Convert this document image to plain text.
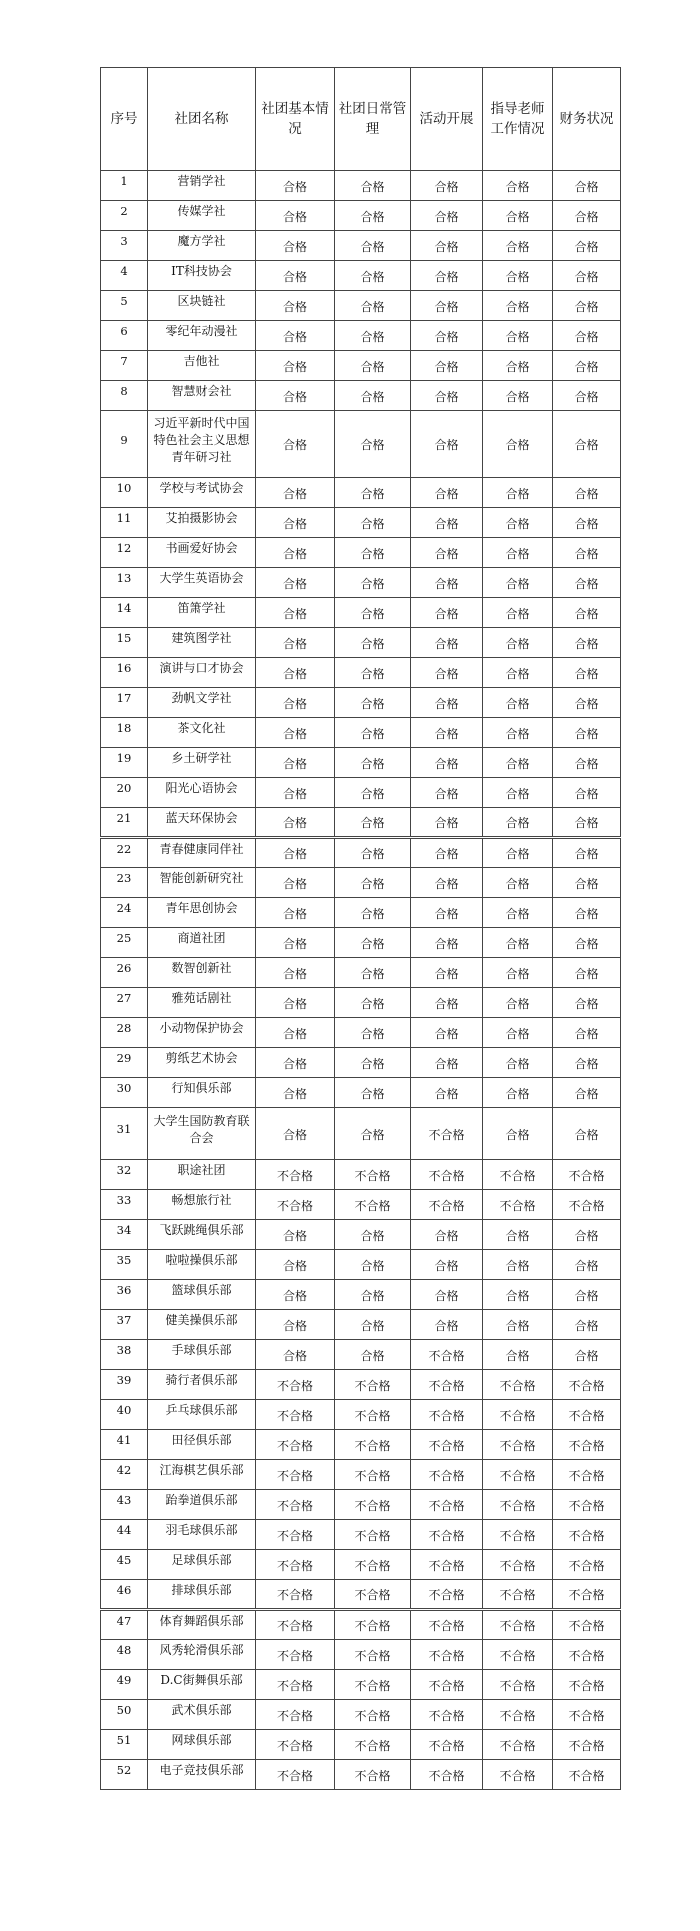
序号	社团名称	社团基本情况	社团日常管理	活动开展	指导老师工作情况	财务状况
1	营销学社	合格	合格	合格	合格	合格
2	传媒学社	合格	合格	合格	合格	合格
3	魔方学社	合格	合格	合格	合格	合格
4	IT科技协会	合格	合格	合格	合格	合格
5	区块链社	合格	合格	合格	合格	合格
6	零纪年动漫社	合格	合格	合格	合格	合格
7	吉他社	合格	合格	合格	合格	合格
8	智慧财会社	合格	合格	合格	合格	合格
9	习近平新时代中国特色社会主义思想青年研习社	合格	合格	合格	合格	合格
10	学校与考试协会	合格	合格	合格	合格	合格
11	艾拍摄影协会	合格	合格	合格	合格	合格
12	书画爱好协会	合格	合格	合格	合格	合格
13	大学生英语协会	合格	合格	合格	合格	合格
14	笛箫学社	合格	合格	合格	合格	合格
15	建筑图学社	合格	合格	合格	合格	合格
16	演讲与口才协会	合格	合格	合格	合格	合格
17	劲帆文学社	合格	合格	合格	合格	合格
18	茶文化社	合格	合格	合格	合格	合格
19	乡土研学社	合格	合格	合格	合格	合格
20	阳光心语协会	合格	合格	合格	合格	合格
21	蓝天环保协会	合格	合格	合格	合格	合格
22	青春健康同伴社	合格	合格	合格	合格	合格
23	智能创新研究社	合格	合格	合格	合格	合格
24	青年思创协会	合格	合格	合格	合格	合格
25	商道社团	合格	合格	合格	合格	合格
26	数智创新社	合格	合格	合格	合格	合格
27	雅苑话剧社	合格	合格	合格	合格	合格
28	小动物保护协会	合格	合格	合格	合格	合格
29	剪纸艺术协会	合格	合格	合格	合格	合格
30	行知俱乐部	合格	合格	合格	合格	合格
31	大学生国防教育联合会	合格	合格	不合格	合格	合格
32	职途社团	不合格	不合格	不合格	不合格	不合格
33	畅想旅行社	不合格	不合格	不合格	不合格	不合格
34	飞跃跳绳俱乐部	合格	合格	合格	合格	合格
35	啦啦操俱乐部	合格	合格	合格	合格	合格
36	篮球俱乐部	合格	合格	合格	合格	合格
37	健美操俱乐部	合格	合格	合格	合格	合格
38	手球俱乐部	合格	合格	不合格	合格	合格
39	骑行者俱乐部	不合格	不合格	不合格	不合格	不合格
40	乒乓球俱乐部	不合格	不合格	不合格	不合格	不合格
41	田径俱乐部	不合格	不合格	不合格	不合格	不合格
42	江海棋艺俱乐部	不合格	不合格	不合格	不合格	不合格
43	跆拳道俱乐部	不合格	不合格	不合格	不合格	不合格
44	羽毛球俱乐部	不合格	不合格	不合格	不合格	不合格
45	足球俱乐部	不合格	不合格	不合格	不合格	不合格
46	排球俱乐部	不合格	不合格	不合格	不合格	不合格
47	体育舞蹈俱乐部	不合格	不合格	不合格	不合格	不合格
48	风秀轮滑俱乐部	不合格	不合格	不合格	不合格	不合格
49	D.C街舞俱乐部	不合格	不合格	不合格	不合格	不合格
50	武术俱乐部	不合格	不合格	不合格	不合格	不合格
51	网球俱乐部	不合格	不合格	不合格	不合格	不合格
52	电子竞技俱乐部	不合格	不合格	不合格	不合格	不合格
